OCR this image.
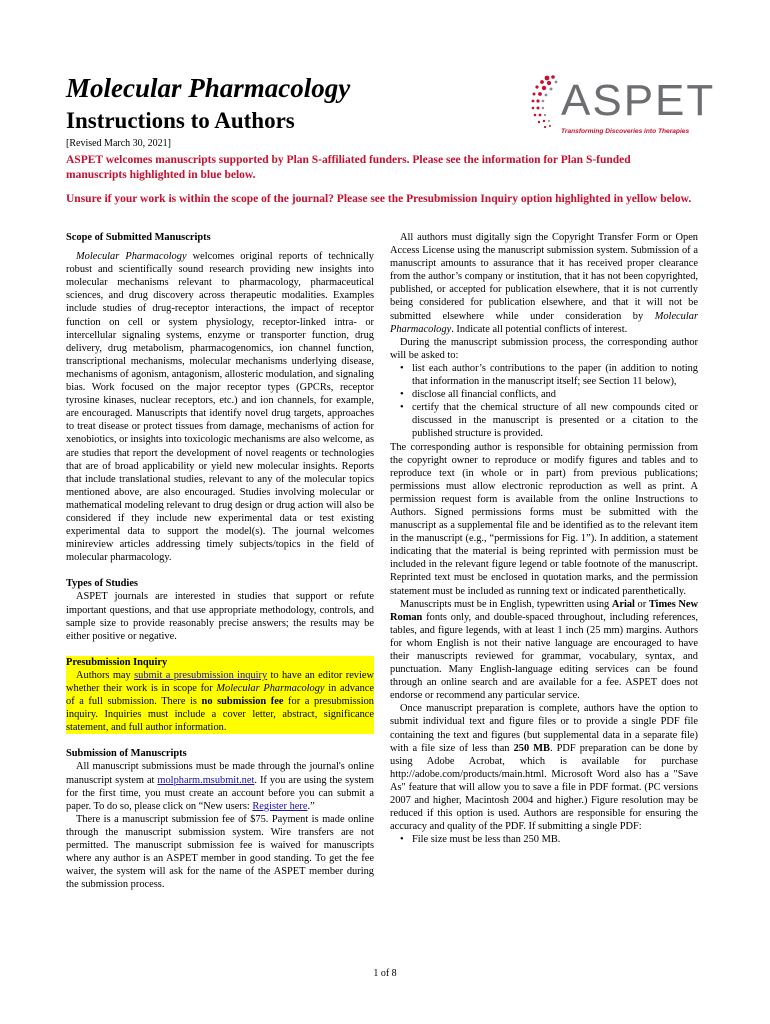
Molecular Pharmacology
Instructions to Authors
[Revised March 30, 2021]
ASPET
Transforming Discoveries into Therapies

ASPET welcomes manuscripts supported by Plan S-affiliated funders. Please see the information for Plan S-funded manuscripts highlighted in blue below.

Unsure if your work is within the scope of the journal? Please see the Presubmission Inquiry option highlighted in yellow below.

Scope of Submitted Manuscripts

Molecular Pharmacology welcomes original reports of technically robust and scientifically sound research providing new insights into molecular mechanisms relevant to pharmacology, pharmaceutical sciences, and drug discovery across therapeutic modalities. Examples include studies of drug-receptor interactions, the impact of receptor function on cell or system physiology, receptor-linked intra- or intercellular signaling systems, enzyme or transporter function, drug delivery, drug metabolism, pharmacogenomics, ion channel function, transcriptional mechanisms, molecular mechanisms underlying disease, mechanisms of agonism, antagonism, allosteric modulation, and signaling bias. Work focused on the major receptor types (GPCRs, receptor tyrosine kinases, nuclear receptors, etc.) and ion channels, for example, are encouraged. Manuscripts that identify novel drug targets, approaches to treat disease or protect tissues from damage, mechanisms of action for xenobiotics, or insights into toxicologic mechanisms are also welcome, as are studies that report the development of novel reagents or technologies that are of broad applicability or yield new molecular insights. Reports that include translational studies, relevant to any of the molecular topics mentioned above, are also encouraged. Studies involving molecular or mathematical modeling relevant to drug design or drug action will also be considered if they include new experimental data or test existing experimental data to support the model(s). The journal welcomes minireview articles addressing timely subjects/topics in the field of molecular pharmacology.

Types of Studies

ASPET journals are interested in studies that support or refute important questions, and that use appropriate methodology, controls, and sample size to provide reasonably precise answers; the results may be either positive or negative.

Presubmission Inquiry

Authors may submit a presubmission inquiry to have an editor review whether their work is in scope for Molecular Pharmacology in advance of a full submission. There is no submission fee for a presubmission inquiry. Inquiries must include a cover letter, abstract, significance statement, and full author information.

Submission of Manuscripts

All manuscript submissions must be made through the journal's online manuscript system at molpharm.msubmit.net. If you are using the system for the first time, you must create an account before you can submit a paper. To do so, please click on “New users: Register here.”

There is a manuscript submission fee of $75. Payment is made online through the manuscript submission system. Wire transfers are not permitted. The manuscript submission fee is waived for manuscripts where any author is an ASPET member in good standing. To get the fee waiver, the system will ask for the name of the ASPET member during the submission process.

All authors must digitally sign the Copyright Transfer Form or Open Access License using the manuscript submission system. Submission of a manuscript amounts to assurance that it has received proper clearance from the author’s company or institution, that it has not been copyrighted, published, or accepted for publication elsewhere, that it is not currently being considered for publication elsewhere, and that it will not be submitted elsewhere while under consideration by Molecular Pharmacology. Indicate all potential conflicts of interest.

During the manuscript submission process, the corresponding author will be asked to:

• list each author’s contributions to the paper (in addition to noting that information in the manuscript itself; see Section 11 below),
• disclose all financial conflicts, and
• certify that the chemical structure of all new compounds cited or discussed in the manuscript is presented or a citation to the published structure is provided.

The corresponding author is responsible for obtaining permission from the copyright owner to reproduce or modify figures and tables and to reproduce text (in whole or in part) from previous publications; permissions must allow electronic reproduction as well as print. A permission request form is available from the online Instructions to Authors. Signed permissions forms must be submitted with the manuscript as a supplemental file and be identified as to the relevant item in the manuscript (e.g., “permissions for Fig. 1”). In addition, a statement indicating that the material is being reprinted with permission must be included in the relevant figure legend or table footnote of the manuscript. Reprinted text must be enclosed in quotation marks, and the permission statement must be included as running text or indicated parenthetically.

Manuscripts must be in English, typewritten using Arial or Times New Roman fonts only, and double-spaced throughout, including references, tables, and figure legends, with at least 1 inch (25 mm) margins. Authors for whom English is not their native language are encouraged to have their manuscripts reviewed for grammar, vocabulary, syntax, and punctuation. Many English-language editing services can be found through an online search and are available for a fee. ASPET does not endorse or recommend any particular service.

Once manuscript preparation is complete, authors have the option to submit individual text and figure files or to provide a single PDF file containing the text and figures (but supplemental data in a separate file) with a file size of less than 250 MB. PDF preparation can be done by using Adobe Acrobat, which is available for purchase http://adobe.com/products/main.html. Microsoft Word also has a "Save As" feature that will allow you to save a file in PDF format. (PC versions 2007 and higher, Macintosh 2004 and higher.) Figure resolution may be reduced if this option is used. Authors are responsible for ensuring the accuracy and quality of the PDF. If submitting a single PDF:

• File size must be less than 250 MB.
1 of 8
